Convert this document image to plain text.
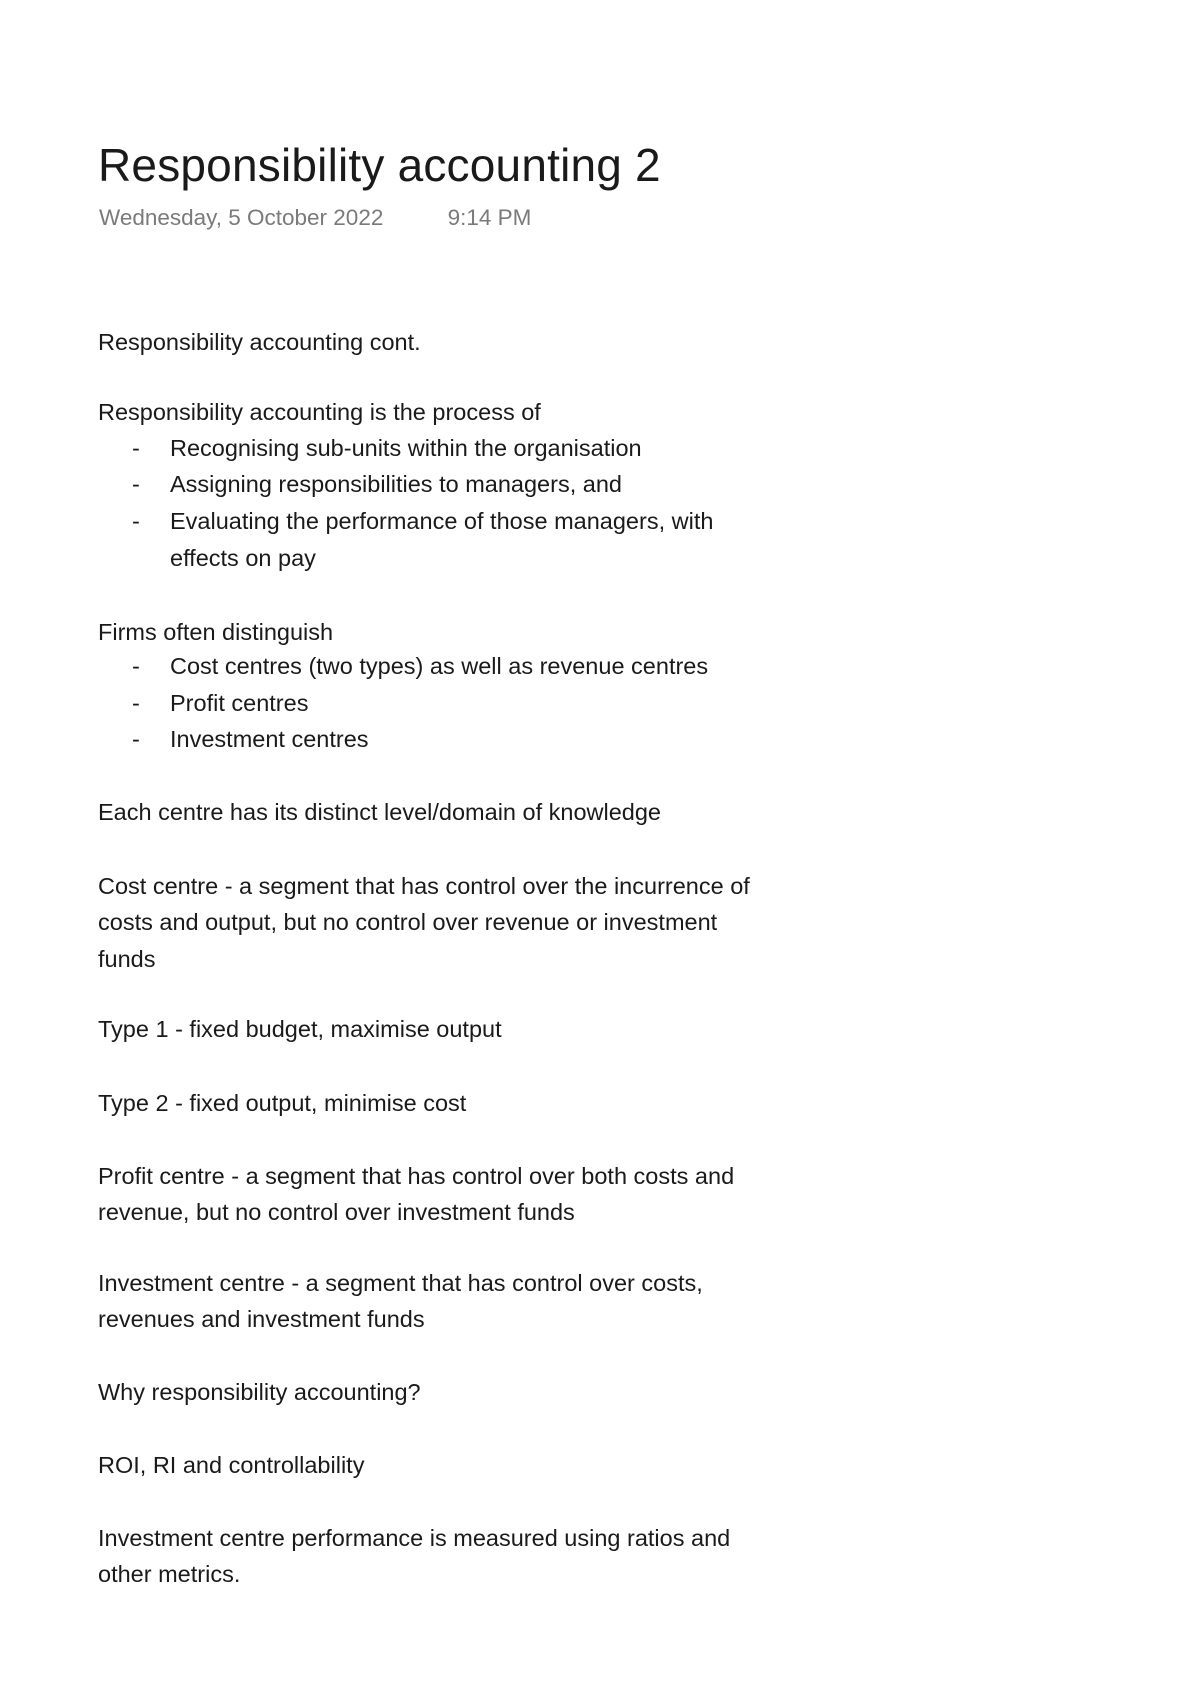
Responsibility accounting 2
Wednesday, 5 October 2022	9:14 PM
Responsibility accounting cont.
Responsibility accounting is the process of
- Recognising sub-units within the organisation
- Assigning responsibilities to managers, and
- Evaluating the performance of those managers, with
effects on pay
Firms often distinguish
- Cost centres (two types) as well as revenue centres
- Profit centres
- Investment centres
Each centre has its distinct level/domain of knowledge
Cost centre - a segment that has control over the incurrence of
costs and output, but no control over revenue or investment
funds
Type 1 - fixed budget, maximise output
Type 2 - fixed output, minimise cost
Profit centre - a segment that has control over both costs and
revenue, but no control over investment funds
Investment centre - a segment that has control over costs,
revenues and investment funds
Why responsibility accounting?
ROI, RI and controllability
Investment centre performance is measured using ratios and
other metrics.
